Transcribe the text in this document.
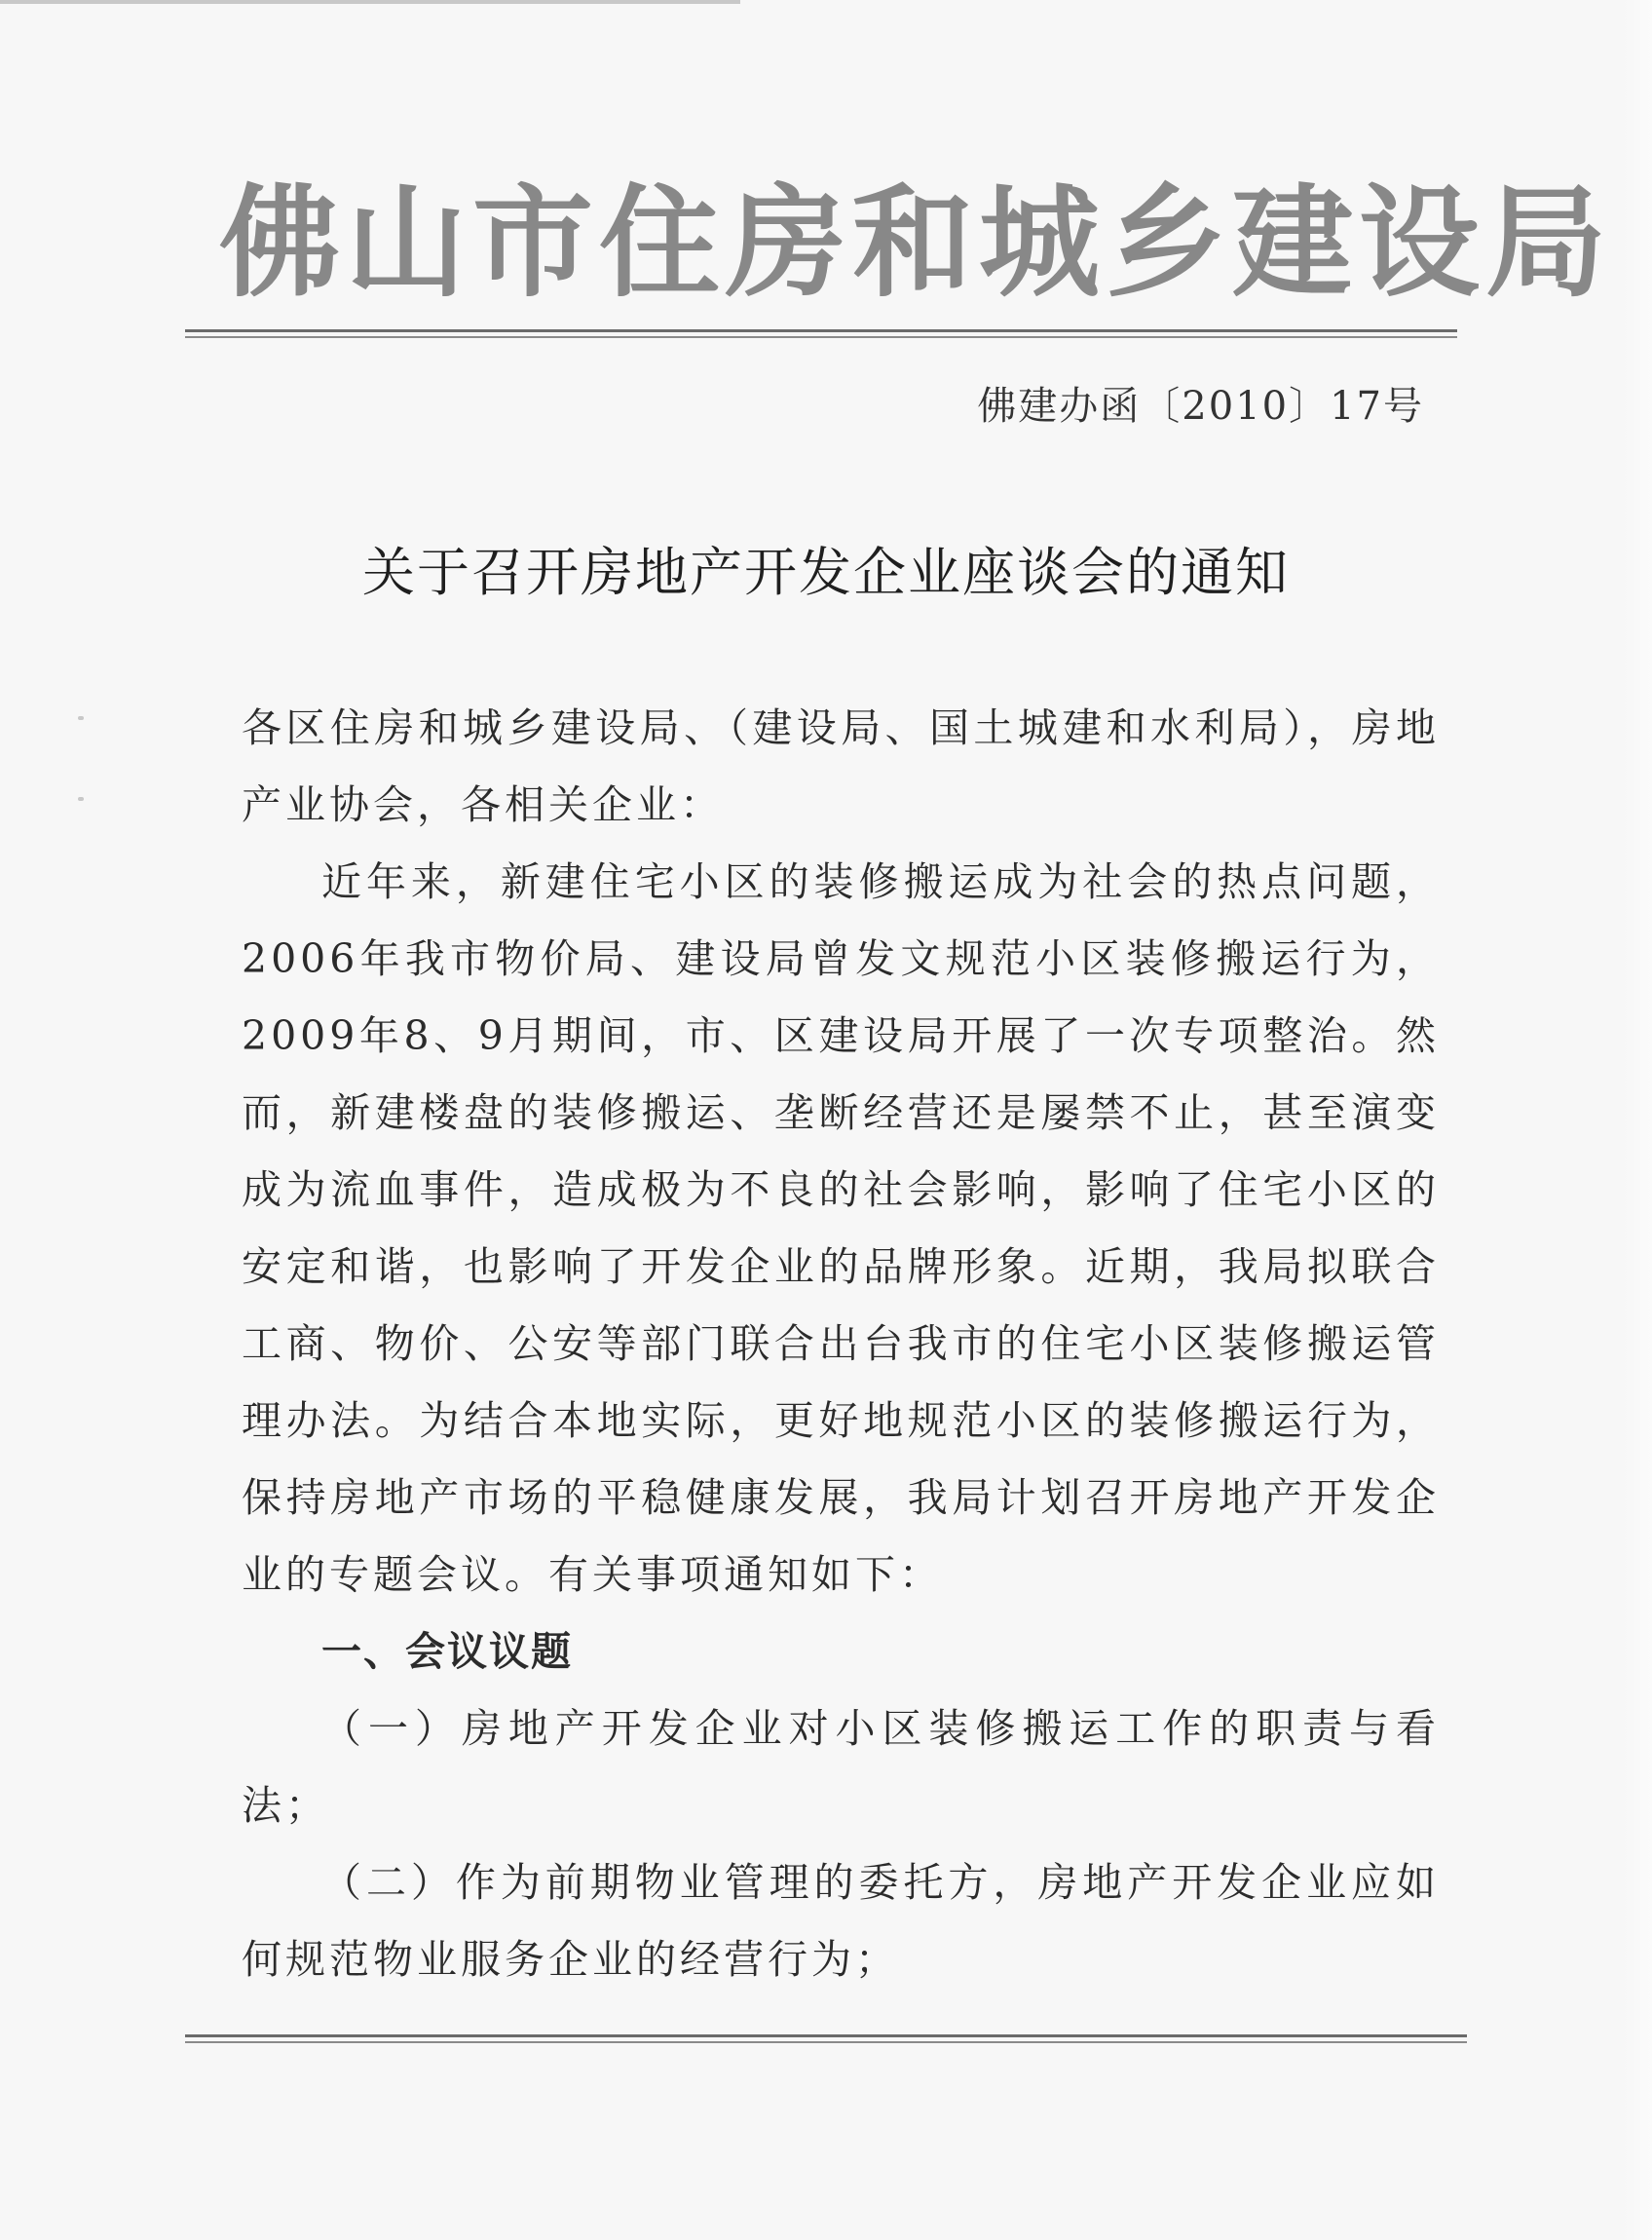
佛山市住房和城乡建设局
佛建办函〔2010〕17号
关于召开房地产开发企业座谈会的通知

各区住房和城乡建设局、（建设局、国土城建和水利局），房地产业协会，各相关企业：

近年来，新建住宅小区的装修搬运成为社会的热点问题，2006年我市物价局、建设局曾发文规范小区装修搬运行为，2009年8、9月期间，市、区建设局开展了一次专项整治。然而，新建楼盘的装修搬运、垄断经营还是屡禁不止，甚至演变成为流血事件，造成极为不良的社会影响，影响了住宅小区的安定和谐，也影响了开发企业的品牌形象。近期，我局拟联合工商、物价、公安等部门联合出台我市的住宅小区装修搬运管理办法。为结合本地实际，更好地规范小区的装修搬运行为，保持房地产市场的平稳健康发展，我局计划召开房地产开发企业的专题会议。有关事项通知如下：

一、会议议题

（一）房地产开发企业对小区装修搬运工作的职责与看法；

（二）作为前期物业管理的委托方，房地产开发企业应如何规范物业服务企业的经营行为；
